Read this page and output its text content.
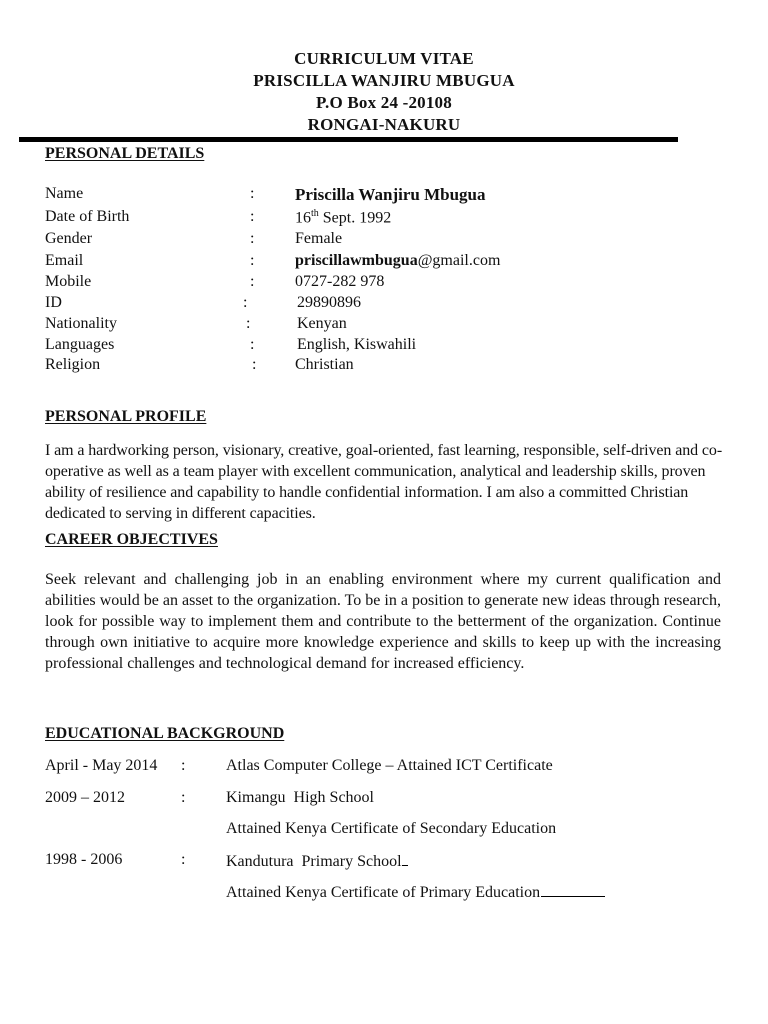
CURRICULUM VITAE
PRISCILLA WANJIRU MBUGUA
P.O Box 24 -20108
RONGAI-NAKURU
PERSONAL DETAILS
Name	: Priscilla Wanjiru Mbugua
Date of Birth	:	16th Sept. 1992
Gender	:	Female
Email	:	priscillawmbugua@gmail.com
Mobile	:	0727-282 978
ID	:	29890896
Nationality	:	Kenyan
Languages	:	English, Kiswahili
Religion	: Christian
PERSONAL PROFILE
I am a hardworking person, visionary, creative, goal-oriented, fast learning, responsible, self-driven and co-operative as well as a team player with excellent communication, analytical and leadership skills, proven ability of resilience and capability to handle confidential information. I am also a committed Christian dedicated to serving in different capacities.
CAREER OBJECTIVES
Seek relevant and challenging job in an enabling environment where my current qualification and abilities would be an asset to the organization. To be in a position to generate new ideas through research, look for possible way to implement them and contribute to the betterment of the organization. Continue through own initiative to acquire more knowledge experience and skills to keep up with the increasing professional challenges and technological demand for increased efficiency.
EDUCATIONAL BACKGROUND
April - May 2014 :	Atlas Computer College – Attained ICT Certificate
2009 – 2012	:	Kimangu  High School
Attained Kenya Certificate of Secondary Education
1998 - 2006	:	Kandutura  Primary School
Attained Kenya Certificate of Primary Education
